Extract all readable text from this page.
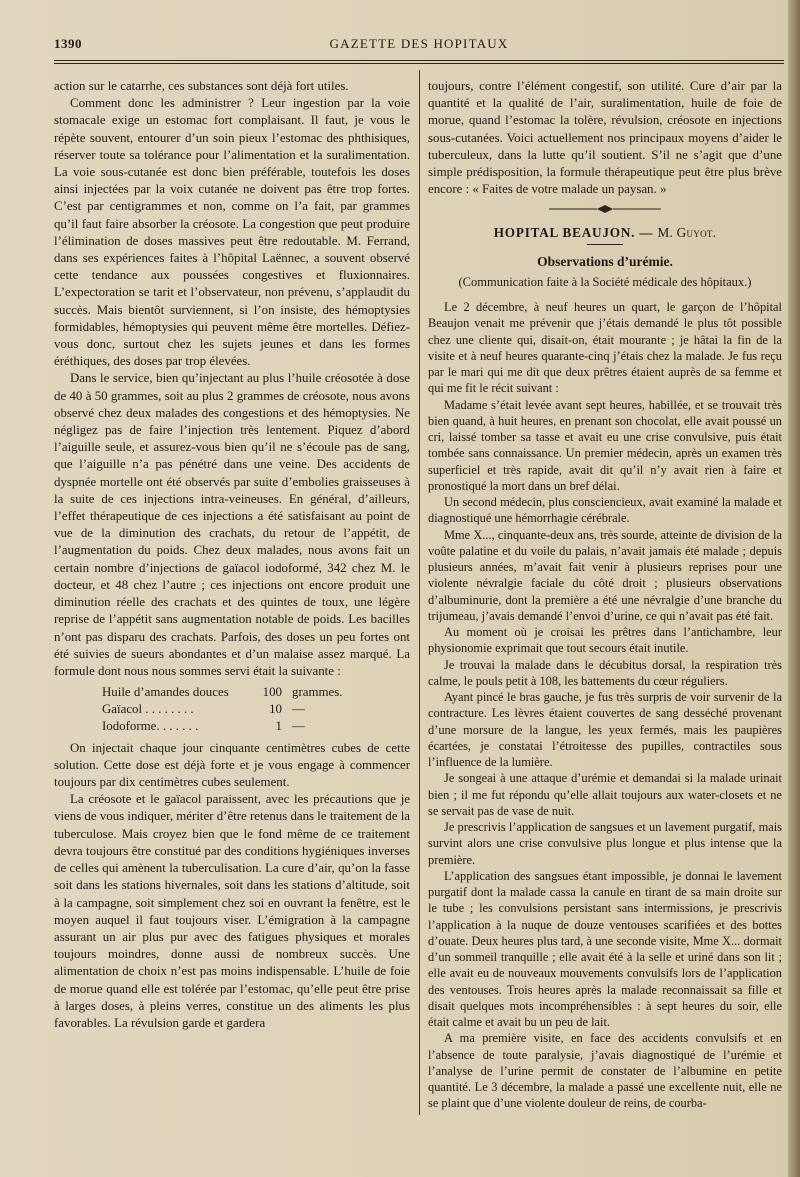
1390	GAZETTE DES HOPITAUX

action sur le catarrhe, ces substances sont déjà fort utiles.

Comment donc les administrer ? Leur ingestion par la voie stomacale exige un estomac fort complaisant. Il faut, je vous le répète souvent, entourer d’un soin pieux l’estomac des phthisiques, réserver toute sa tolérance pour l’alimentation et la suralimentation. La voie sous-cutanée est donc bien préférable, toutefois les doses ainsi injectées par la voix cutanée ne doivent pas être trop fortes. C’est par centigrammes et non, comme on l’a fait, par grammes qu’il faut faire absorber la créosote. La congestion que peut produire l’élimination de doses massives peut être redoutable. M. Ferrand, dans ses expériences faites à l’hôpital Laënnec, a souvent observé cette tendance aux poussées congestives et fluxionnaires. L’expectoration se tarit et l’observateur, non prévenu, s’applaudit du succès. Mais bientôt surviennent, si l’on insiste, des hémoptysies formidables, hémoptysies qui peuvent même être mortelles. Défiez-vous donc, surtout chez les sujets jeunes et dans les formes éréthiques, des doses par trop élevées.

Dans le service, bien qu’injectant au plus l’huile créosotée à dose de 40 à 50 grammes, soit au plus 2 grammes de créosote, nous avons observé chez deux malades des congestions et des hémoptysies. Ne négligez pas de faire l’injection très lentement. Piquez d’abord l’aiguille seule, et assurez-vous bien qu’il ne s’écoule pas de sang, que l’aiguille n’a pas pénétré dans une veine. Des accidents de dyspnée mortelle ont été observés par suite d’embolies graisseuses à la suite de ces injections intra-veineuses. En général, d’ailleurs, l’effet thérapeutique de ces injections a été satisfaisant au point de vue de la diminution des crachats, du retour de l’appétit, de l’augmentation du poids. Chez deux malades, nous avons fait un certain nombre d’injections de gaïacol iodoformé, 342 chez M. le docteur, et 48 chez l’autre ; ces injections ont encore produit une diminution réelle des crachats et des quintes de toux, une légère reprise de l’appétit sans augmentation notable de poids. Les bacilles n’ont pas disparu des crachats. Parfois, des doses un peu fortes ont été suivies de sueurs abondantes et d’un malaise assez marqué. La formule dont nous nous sommes servi était la suivante :

Huile d’amandes douces	100 grammes.
Gaïacol . . . . . . . .	10 —
Iodoforme. . . . . . .	1 —

On injectait chaque jour cinquante centimètres cubes de cette solution. Cette dose est déjà forte et je vous engage à commencer toujours par dix centimètres cubes seulement.

La créosote et le gaïacol paraissent, avec les précautions que je viens de vous indiquer, mériter d’être retenus dans le traitement de la tuberculose. Mais croyez bien que le fond même de ce traitement devra toujours être constitué par des conditions hygiéniques inverses de celles qui amènent la tuberculisation. La cure d’air, qu’on la fasse soit dans les stations hivernales, soit dans les stations d’altitude, soit à la campagne, soit simplement chez soi en ouvrant la fenêtre, est le moyen auquel il faut toujours viser. L’émigration à la campagne assurant un air plus pur avec des fatigues physiques et morales toujours moindres, donne aussi de nombreux succès. Une alimentation de choix n’est pas moins indispensable. L’huile de foie de morue quand elle est tolérée par l’estomac, qu’elle peut être prise à larges doses, à pleins verres, constitue un des aliments les plus favorables. La révulsion garde et gardera

toujours, contre l’élément congestif, son utilité. Cure d’air par la quantité et la qualité de l’air, suralimentation, huile de foie de morue, quand l’estomac la tolère, révulsion, créosote en injections sous-cutanées. Voici actuellement nos principaux moyens d’aider le tuberculeux, dans la lutte qu’il soutient. S’il ne s’agit que d’une simple prédisposition, la formule thérapeutique peut être plus brève encore : « Faites de votre malade un paysan. »

HOPITAL BEAUJON. — M. Guyot.
Observations d’urémie.
(Communication faite à la Société médicale des hôpitaux.)

Le 2 décembre, à neuf heures un quart, le garçon de l’hôpital Beaujon venait me prévenir que j’étais demandé le plus tôt possible chez une cliente qui, disait-on, était mourante ; je hâtai la fin de la visite et à neuf heures quarante-cinq j’étais chez la malade. Je fus reçu par le mari qui me dit que deux prêtres étaient auprès de sa femme et qui me fit le récit suivant :

Madame s’était levée avant sept heures, habillée, et se trouvait très bien quand, à huit heures, en prenant son chocolat, elle avait poussé un cri, laissé tomber sa tasse et avait eu une crise convulsive, puis était tombée sans connaissance. Un premier médecin, après un examen très superficiel et très rapide, avait dit qu’il n’y avait rien à faire et pronostiqué la mort dans un bref délai.

Un second médecin, plus consciencieux, avait examiné la malade et diagnostiqué une hémorrhagie cérébrale.

Mme X..., cinquante-deux ans, très sourde, atteinte de division de la voûte palatine et du voile du palais, n’avait jamais été malade ; depuis plusieurs années, m’avait fait venir à plusieurs reprises pour une violente névralgie faciale du côté droit ; plusieurs observations d’albuminurie, dont la première a été une névralgie d’une branche du trijumeau, j’avais demandé l’envoi d’urine, ce qui n’avait pas été fait.

Au moment où je croisai les prêtres dans l’antichambre, leur physionomie exprimait que tout secours était inutile.

Je trouvai la malade dans le décubitus dorsal, la respiration très calme, le pouls petit à 108, les battements du cœur réguliers.

Ayant pincé le bras gauche, je fus très surpris de voir survenir de la contracture. Les lèvres étaient couvertes de sang desséché provenant d’une morsure de la langue, les yeux fermés, mais les paupières écartées, je constatai l’étroitesse des pupilles, contractiles sous l’influence de la lumière.

Je songeai à une attaque d’urémie et demandai si la malade urinait bien ; il me fut répondu qu’elle allait toujours aux water-closets et ne se servait pas de vase de nuit.

Je prescrivis l’application de sangsues et un lavement purgatif, mais survint alors une crise convulsive plus longue et plus intense que la première.

L’application des sangsues étant impossible, je donnai le lavement purgatif dont la malade cassa la canule en tirant de sa main droite sur le tube ; les convulsions persistant sans intermissions, je prescrivis l’application à la nuque de douze ventouses scarifiées et des bottes d’ouate. Deux heures plus tard, à une seconde visite, Mme X... dormait d’un sommeil tranquille ; elle avait été à la selle et uriné dans son lit ; elle avait eu de nouveaux mouvements convulsifs lors de l’application des ventouses. Trois heures après la malade reconnaissait sa fille et disait quelques mots incompréhensibles : à sept heures du soir, elle était calme et avait bu un peu de lait.

A ma première visite, en face des accidents convulsifs et en l’absence de toute paralysie, j’avais diagnostiqué de l’urémie et l’analyse de l’urine permit de constater de l’albumine en petite quantité. Le 3 décembre, la malade a passé une excellente nuit, elle ne se plaint que d’une violente douleur de reins, de courba-
